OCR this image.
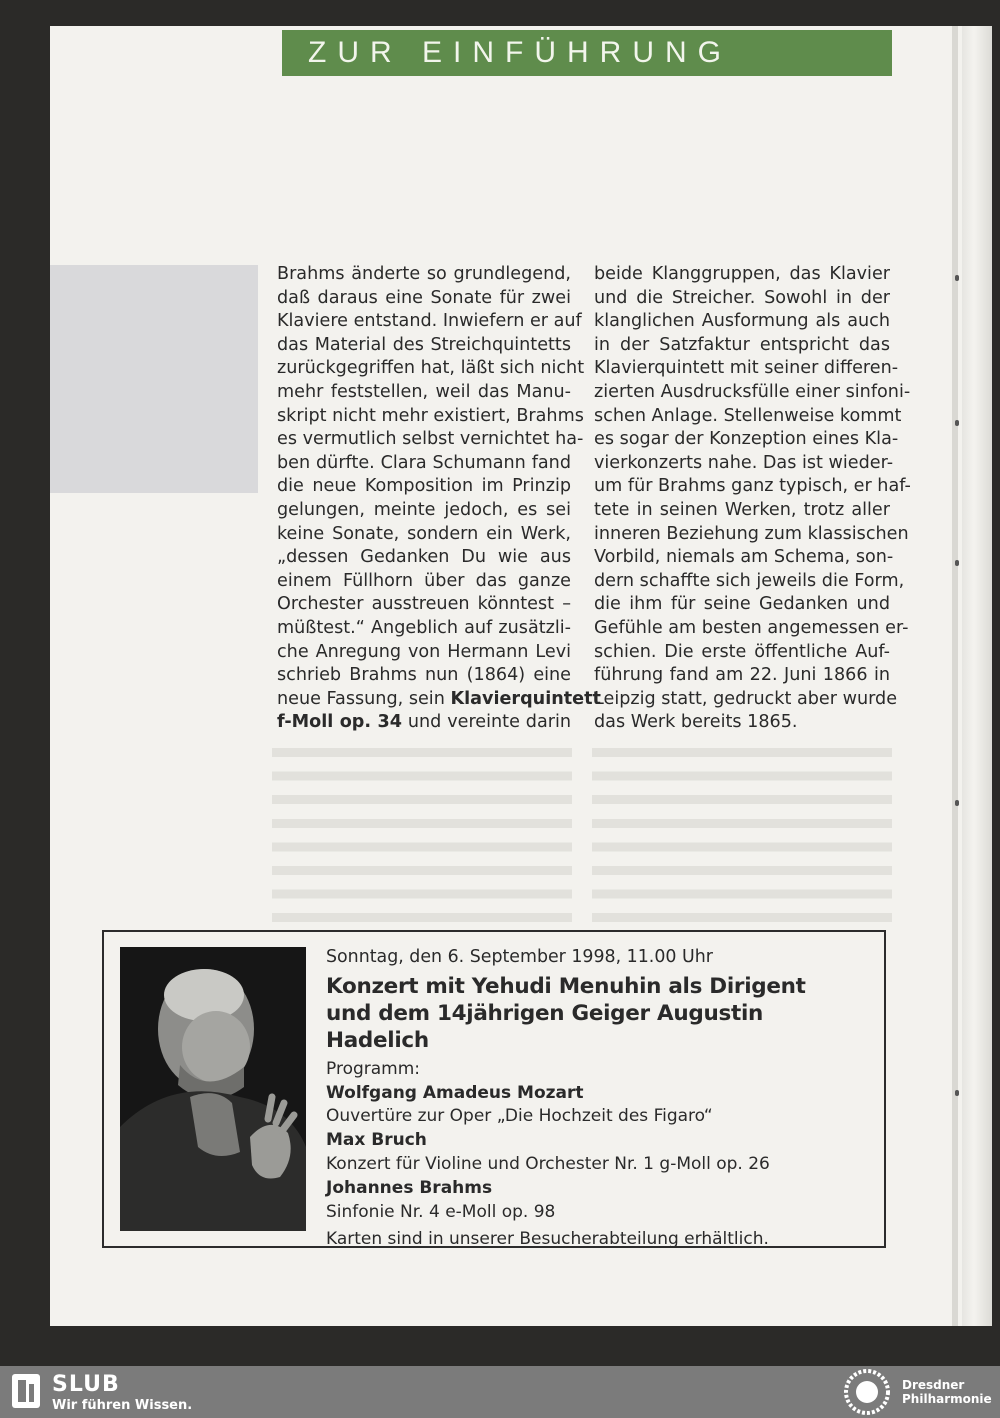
ZUR EINFÜHRUNG

Brahms änderte so grundlegend,
daß daraus eine Sonate für zwei
Klaviere entstand. Inwiefern er auf
das Material des Streichquintetts
zurückgegriffen hat, läßt sich nicht
mehr feststellen, weil das Manu-
skript nicht mehr existiert, Brahms
es vermutlich selbst vernichtet ha-
ben dürfte. Clara Schumann fand
die neue Komposition im Prinzip
gelungen, meinte jedoch, es sei
keine Sonate, sondern ein Werk,
„dessen Gedanken Du wie aus
einem Füllhorn über das ganze
Orchester ausstreuen könntest –
müßtest.“ Angeblich auf zusätzli-
che Anregung von Hermann Levi
schrieb Brahms nun (1864) eine
neue Fassung, sein Klavierquintett
f-Moll op. 34 und vereinte darin
beide Klanggruppen, das Klavier
und die Streicher. Sowohl in der
klanglichen Ausformung als auch
in der Satzfaktur entspricht das
Klavierquintett mit seiner differen-
zierten Ausdrucksfülle einer sinfoni-
schen Anlage. Stellenweise kommt
es sogar der Konzeption eines Kla-
vierkonzerts nahe. Das ist wieder-
um für Brahms ganz typisch, er haf-
tete in seinen Werken, trotz aller
inneren Beziehung zum klassischen
Vorbild, niemals am Schema, son-
dern schaffte sich jeweils die Form,
die ihm für seine Gedanken und
Gefühle am besten angemessen er-
schien. Die erste öffentliche Auf-
führung fand am 22. Juni 1866 in
Leipzig statt, gedruckt aber wurde
das Werk bereits 1865.
Sonntag, den 6. September 1998, 11.00 Uhr
Konzert mit Yehudi Menuhin als Dirigent
und dem 14jährigen Geiger Augustin Hadelich
Programm:
Wolfgang Amadeus Mozart
Ouvertüre zur Oper „Die Hochzeit des Figaro“
Max Bruch
Konzert für Violine und Orchester Nr. 1 g-Moll op. 26
Johannes Brahms
Sinfonie Nr. 4 e-Moll op. 98
Karten sind in unserer Besucherabteilung erhältlich.
SLUB
Wir führen Wissen.
Dresdner
Philharmonie
